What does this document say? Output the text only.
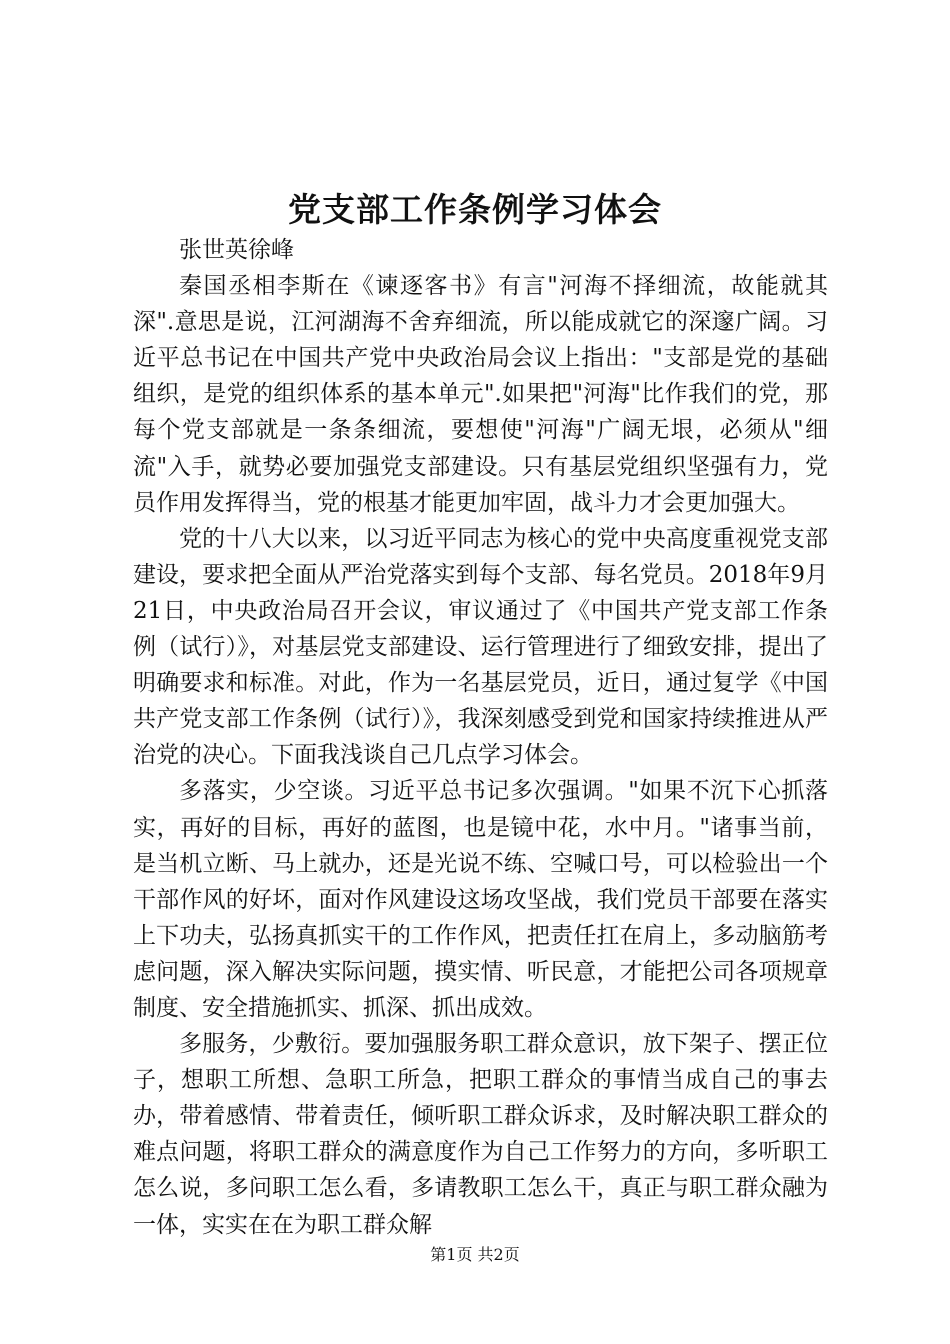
党支部工作条例学习体会

张世英徐峰

秦国丞相李斯在《谏逐客书》有言"河海不择细流，故能就其深".意思是说，江河湖海不舍弃细流，所以能成就它的深邃广阔。习近平总书记在中国共产党中央政治局会议上指出："支部是党的基础组织，是党的组织体系的基本单元".如果把"河海"比作我们的党，那每个党支部就是一条条细流，要想使"河海"广阔无垠，必须从"细流"入手，就势必要加强党支部建设。只有基层党组织坚强有力，党员作用发挥得当，党的根基才能更加牢固，战斗力才会更加强大。

党的十八大以来，以习近平同志为核心的党中央高度重视党支部建设，要求把全面从严治党落实到每个支部、每名党员。2018年9月21日，中央政治局召开会议，审议通过了《中国共产党支部工作条例（试行）》，对基层党支部建设、运行管理进行了细致安排，提出了明确要求和标准。对此，作为一名基层党员，近日，通过复学《中国共产党支部工作条例（试行）》，我深刻感受到党和国家持续推进从严治党的决心。下面我浅谈自己几点学习体会。

多落实，少空谈。习近平总书记多次强调。"如果不沉下心抓落实，再好的目标，再好的蓝图，也是镜中花，水中月。"诸事当前，是当机立断、马上就办，还是光说不练、空喊口号，可以检验出一个干部作风的好坏，面对作风建设这场攻坚战，我们党员干部要在落实上下功夫，弘扬真抓实干的工作作风，把责任扛在肩上，多动脑筋考虑问题，深入解决实际问题，摸实情、听民意，才能把公司各项规章制度、安全措施抓实、抓深、抓出成效。

多服务，少敷衍。要加强服务职工群众意识，放下架子、摆正位子，想职工所想、急职工所急，把职工群众的事情当成自己的事去办，带着感情、带着责任，倾听职工群众诉求，及时解决职工群众的难点问题，将职工群众的满意度作为自己工作努力的方向，多听职工怎么说，多问职工怎么看，多请教职工怎么干，真正与职工群众融为一体，实实在在为职工群众解

第1页 共2页
